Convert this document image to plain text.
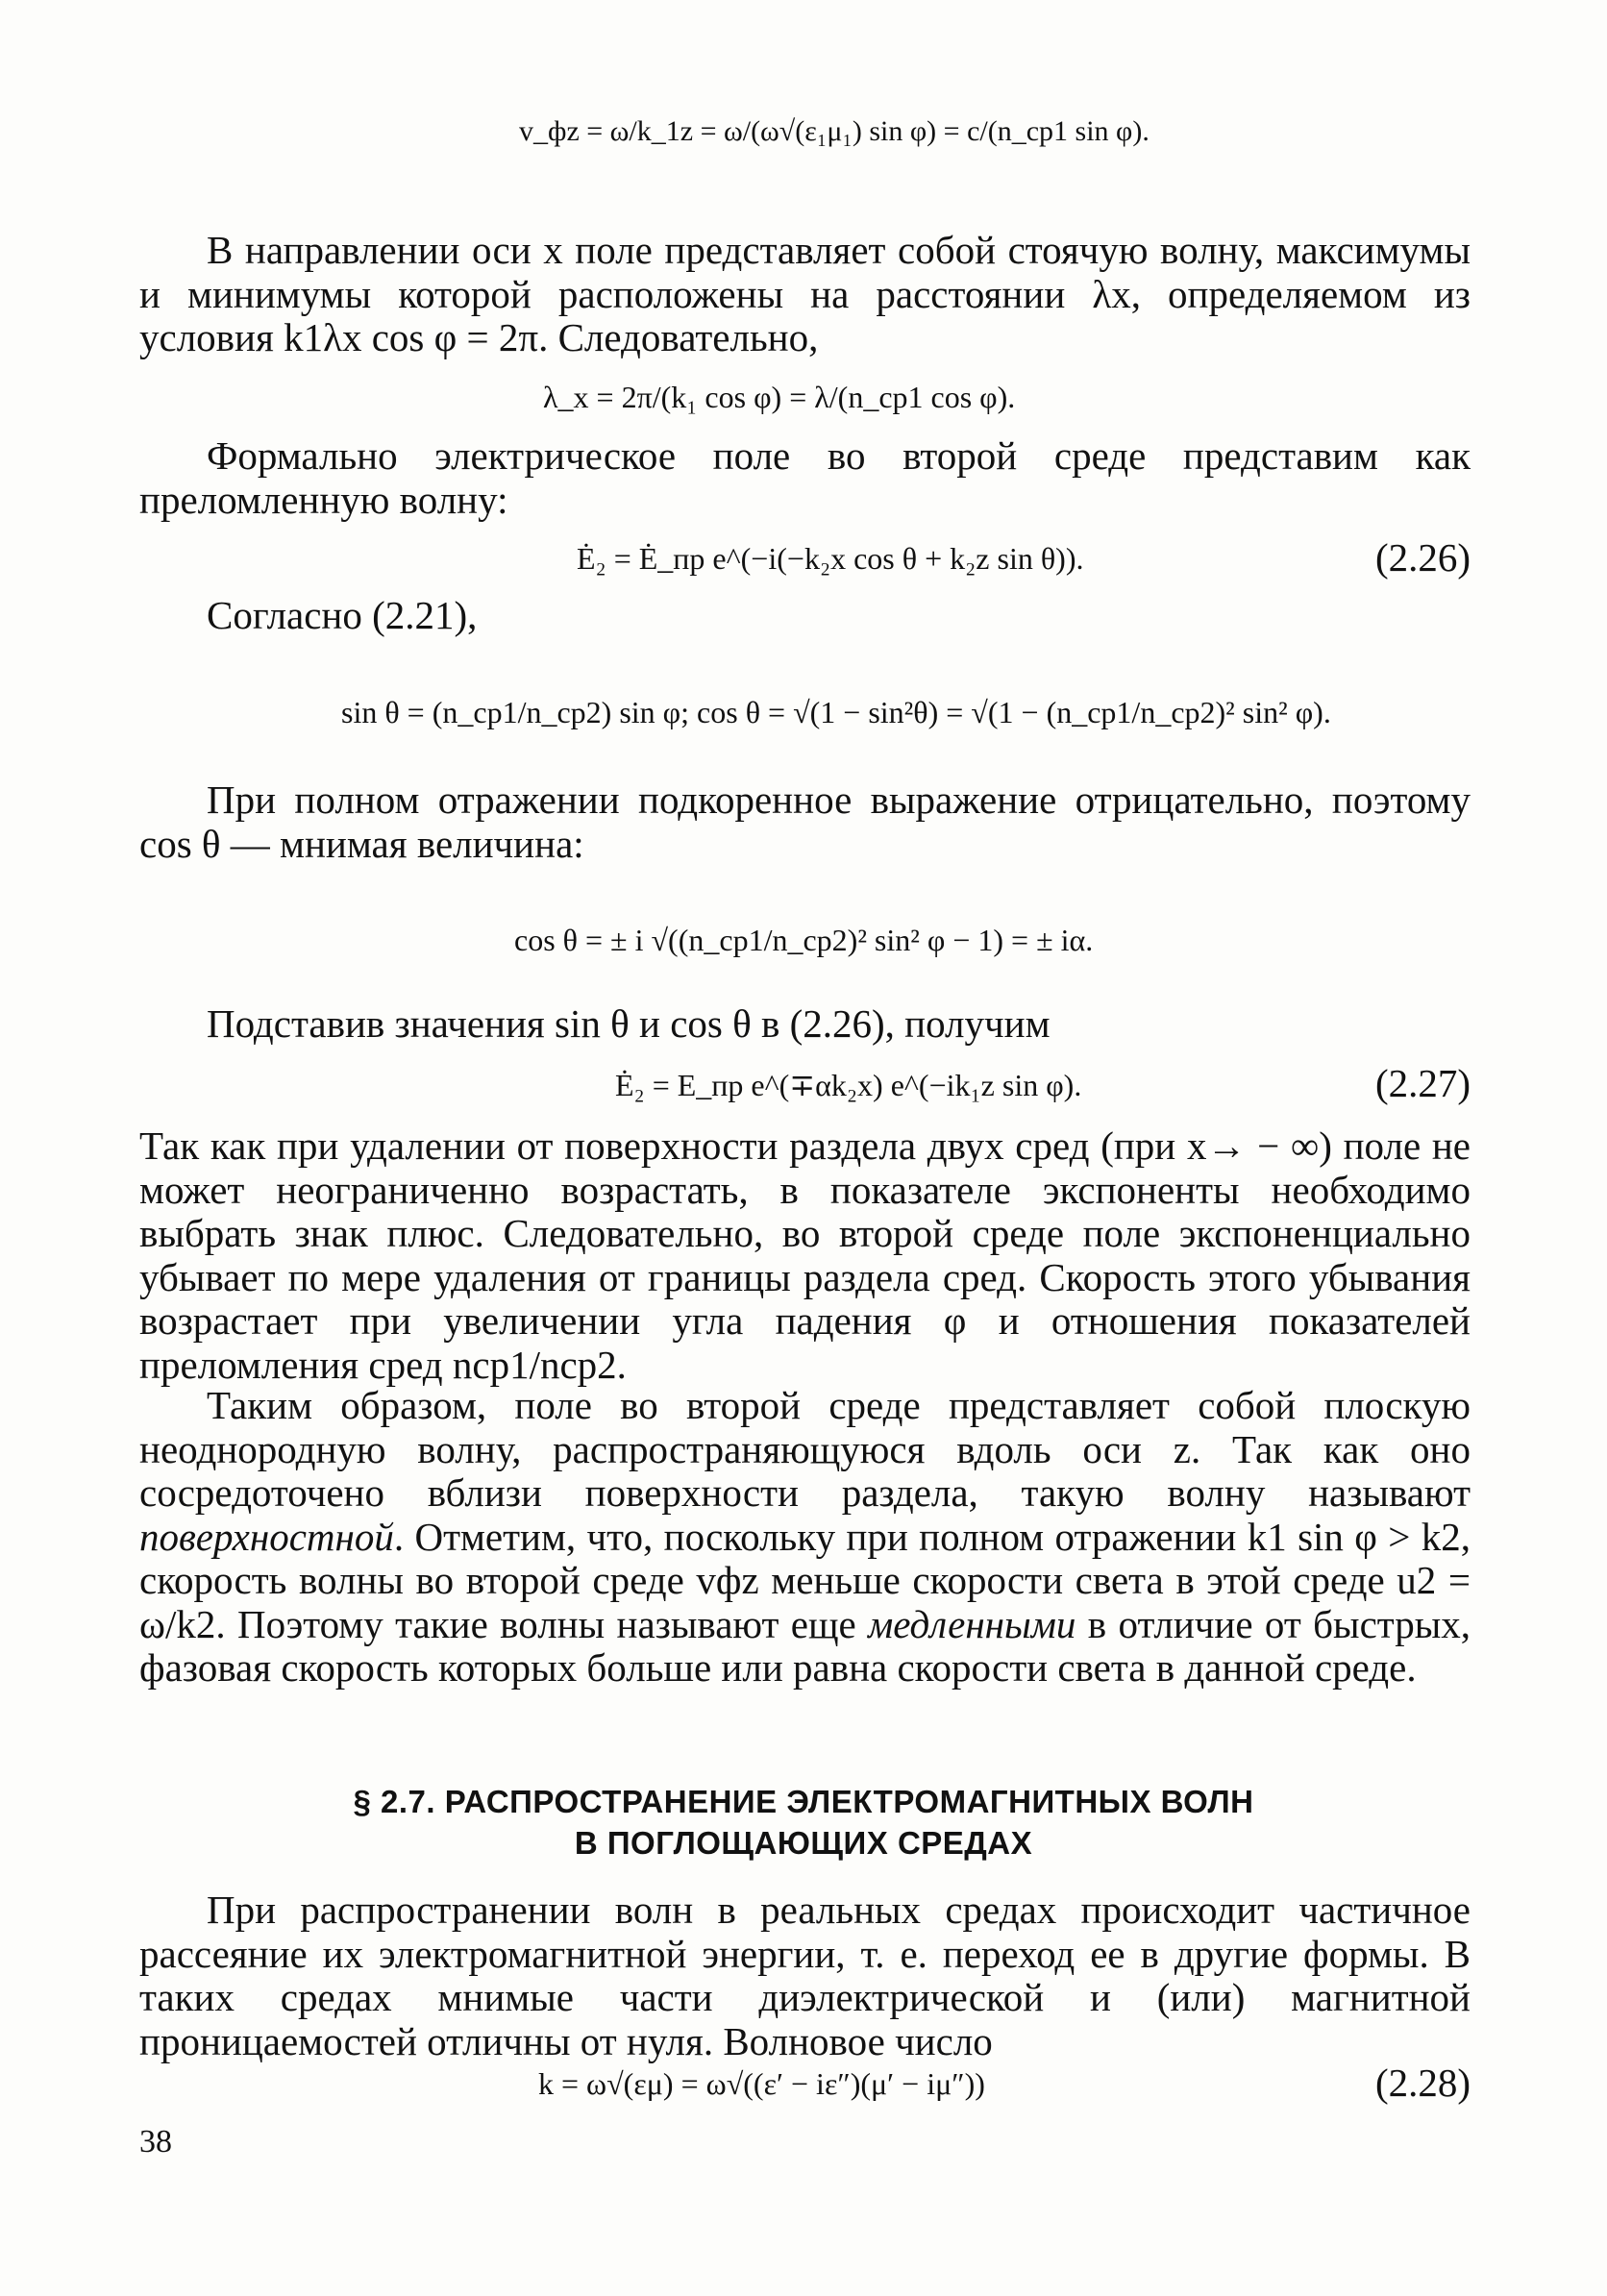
v_фz = ω/k_1z = ω/(ω√(ε₁μ₁) sin φ) = c/(n_ср1 sin φ).
В направлении оси x поле представляет собой стоячую волну, максимумы и минимумы которой расположены на расстоянии λx, определяемом из условия k1λx cos φ = 2π. Следовательно,
λ_x = 2π/(k₁ cos φ) = λ/(n_ср1 cos φ).
Формально электрическое поле во второй среде представим как преломленную волну:
Ė₂ = Ė_пр e^(−i(−k₂x cos θ + k₂z sin θ)).	(2.26)
Согласно (2.21),
sin θ = (n_ср1/n_ср2) sin φ; cos θ = √(1 − sin²θ) = √(1 − (n_ср1/n_ср2)² sin² φ).
При полном отражении подкоренное выражение отрицательно, поэтому cos θ — мнимая величина:
cos θ = ± i √((n_ср1/n_ср2)² sin² φ − 1) = ± iα.
Подставив значения sin θ и cos θ в (2.26), получим
Ė₂ = E_пр e^(∓αk₂x) e^(−ik₁z sin φ).	(2.27)
Так как при удалении от поверхности раздела двух сред (при x→ − ∞) поле не может неограниченно возрастать, в показателе экспоненты необходимо выбрать знак плюс. Следовательно, во второй среде поле экспоненциально убывает по мере удаления от границы раздела сред. Скорость этого убывания возрастает при увеличении угла падения φ и отношения показателей преломления сред nср1/nср2.
Таким образом, поле во второй среде представляет собой плоскую неоднородную волну, распространяющуюся вдоль оси z. Так как оно сосредоточено вблизи поверхности раздела, такую волну называют поверхностной. Отметим, что, поскольку при полном отражении k1 sin φ > k2, скорость волны во второй среде vфz меньше скорости света в этой среде u2 = ω/k2. Поэтому такие волны называют еще медленными в отличие от быстрых, фазовая скорость которых больше или равна скорости света в данной среде.
§ 2.7. РАСПРОСТРАНЕНИЕ ЭЛЕКТРОМАГНИТНЫХ ВОЛН
В ПОГЛОЩАЮЩИХ СРЕДАХ
При распространении волн в реальных средах происходит частичное рассеяние их электромагнитной энергии, т. е. переход ее в другие формы. В таких средах мнимые части диэлектрической и (или) магнитной проницаемостей отличны от нуля. Волновое число
k = ω√(εμ) = ω√((ε′ − iε″)(μ′ − iμ″))	(2.28)
38
